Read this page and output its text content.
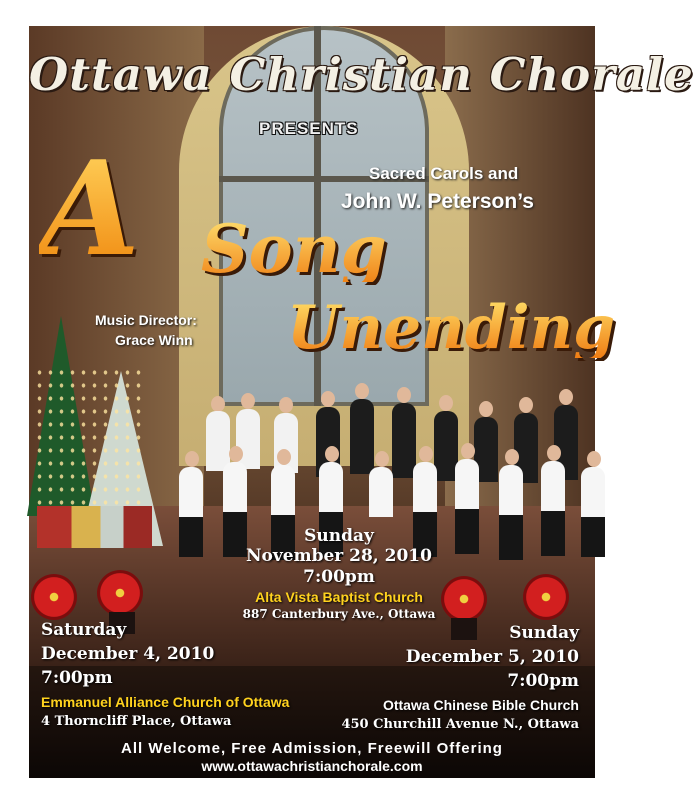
Ottawa Christian Chorale
PRESENTS
Sacred Carols and
John W. Peterson’s
A Song
Unending
Music Director:
Grace Winn
Sunday
November 28, 2010
7:00pm
Alta Vista Baptist Church
887 Canterbury Ave., Ottawa
Saturday
December 4, 2010
7:00pm
Emmanuel Alliance Church of Ottawa
4 Thorncliff Place, Ottawa
Sunday
December 5, 2010
7:00pm
Ottawa Chinese Bible Church
450 Churchill Avenue N., Ottawa
All Welcome, Free Admission, Freewill Offering
www.ottawachristianchorale.com
